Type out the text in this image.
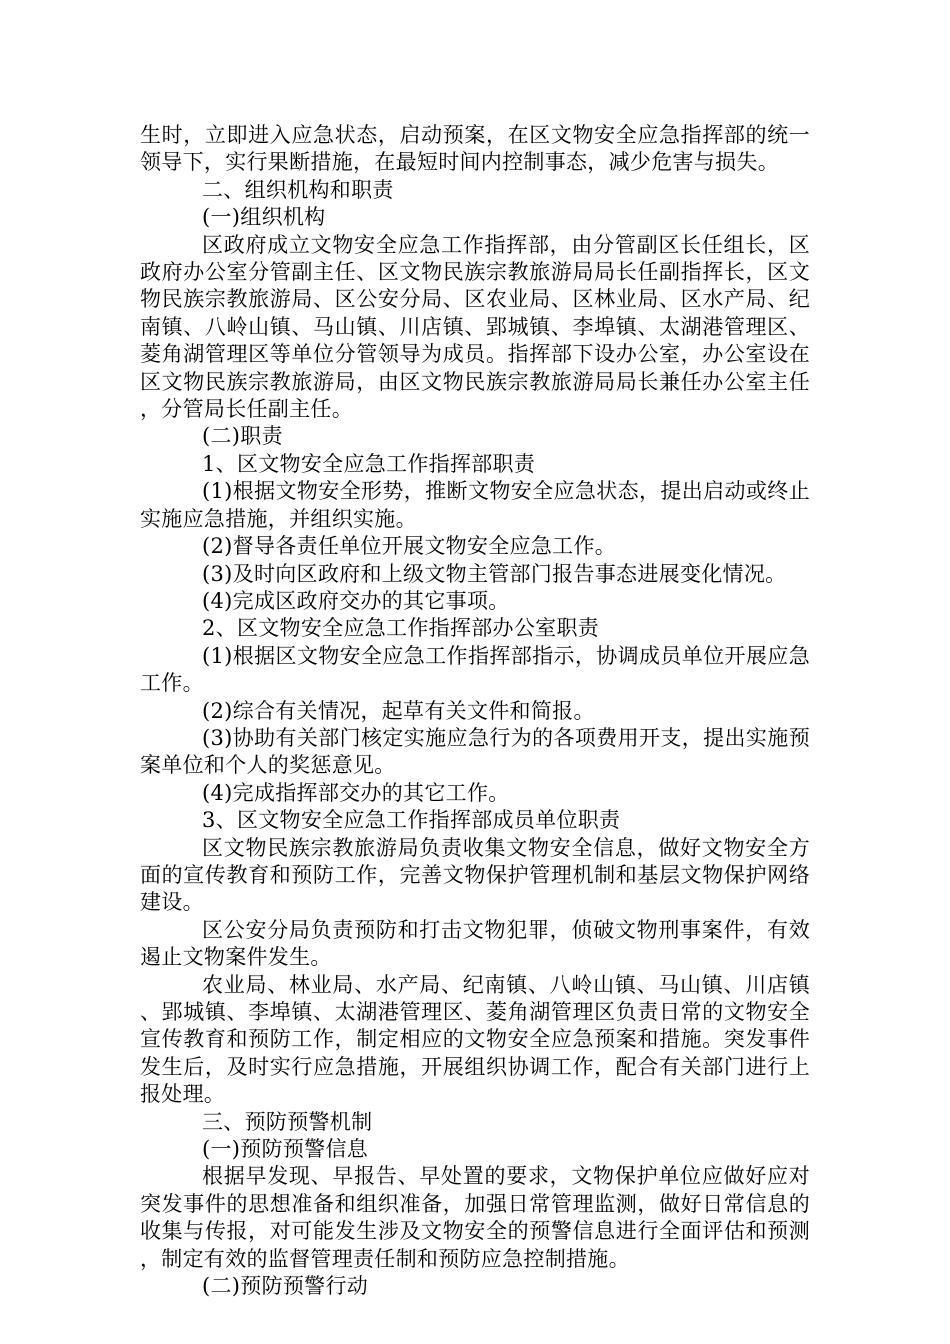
生时，立即进入应急状态，启动预案，在区文物安全应急指挥部的统一领导下，实行果断措施，在最短时间内控制事态，减少危害与损失。

二、组织机构和职责

(一)组织机构

区政府成立文物安全应急工作指挥部，由分管副区长任组长，区政府办公室分管副主任、区文物民族宗教旅游局局长任副指挥长，区文物民族宗教旅游局、区公安分局、区农业局、区林业局、区水产局、纪南镇、八岭山镇、马山镇、川店镇、郢城镇、李埠镇、太湖港管理区、菱角湖管理区等单位分管领导为成员。指挥部下设办公室，办公室设在区文物民族宗教旅游局，由区文物民族宗教旅游局局长兼任办公室主任，分管局长任副主任。

(二)职责

1、区文物安全应急工作指挥部职责

(1)根据文物安全形势，推断文物安全应急状态，提出启动或终止实施应急措施，并组织实施。

(2)督导各责任单位开展文物安全应急工作。

(3)及时向区政府和上级文物主管部门报告事态进展变化情况。

(4)完成区政府交办的其它事项。

2、区文物安全应急工作指挥部办公室职责

(1)根据区文物安全应急工作指挥部指示，协调成员单位开展应急工作。

(2)综合有关情况，起草有关文件和简报。

(3)协助有关部门核定实施应急行为的各项费用开支，提出实施预案单位和个人的奖惩意见。

(4)完成指挥部交办的其它工作。

3、区文物安全应急工作指挥部成员单位职责

区文物民族宗教旅游局负责收集文物安全信息，做好文物安全方面的宣传教育和预防工作，完善文物保护管理机制和基层文物保护网络建设。

区公安分局负责预防和打击文物犯罪，侦破文物刑事案件，有效遏止文物案件发生。

农业局、林业局、水产局、纪南镇、八岭山镇、马山镇、川店镇、郢城镇、李埠镇、太湖港管理区、菱角湖管理区负责日常的文物安全宣传教育和预防工作，制定相应的文物安全应急预案和措施。突发事件发生后，及时实行应急措施，开展组织协调工作，配合有关部门进行上报处理。

三、预防预警机制

(一)预防预警信息

根据早发现、早报告、早处置的要求，文物保护单位应做好应对突发事件的思想准备和组织准备，加强日常管理监测，做好日常信息的收集与传报，对可能发生涉及文物安全的预警信息进行全面评估和预测，制定有效的监督管理责任制和预防应急控制措施。

(二)预防预警行动
